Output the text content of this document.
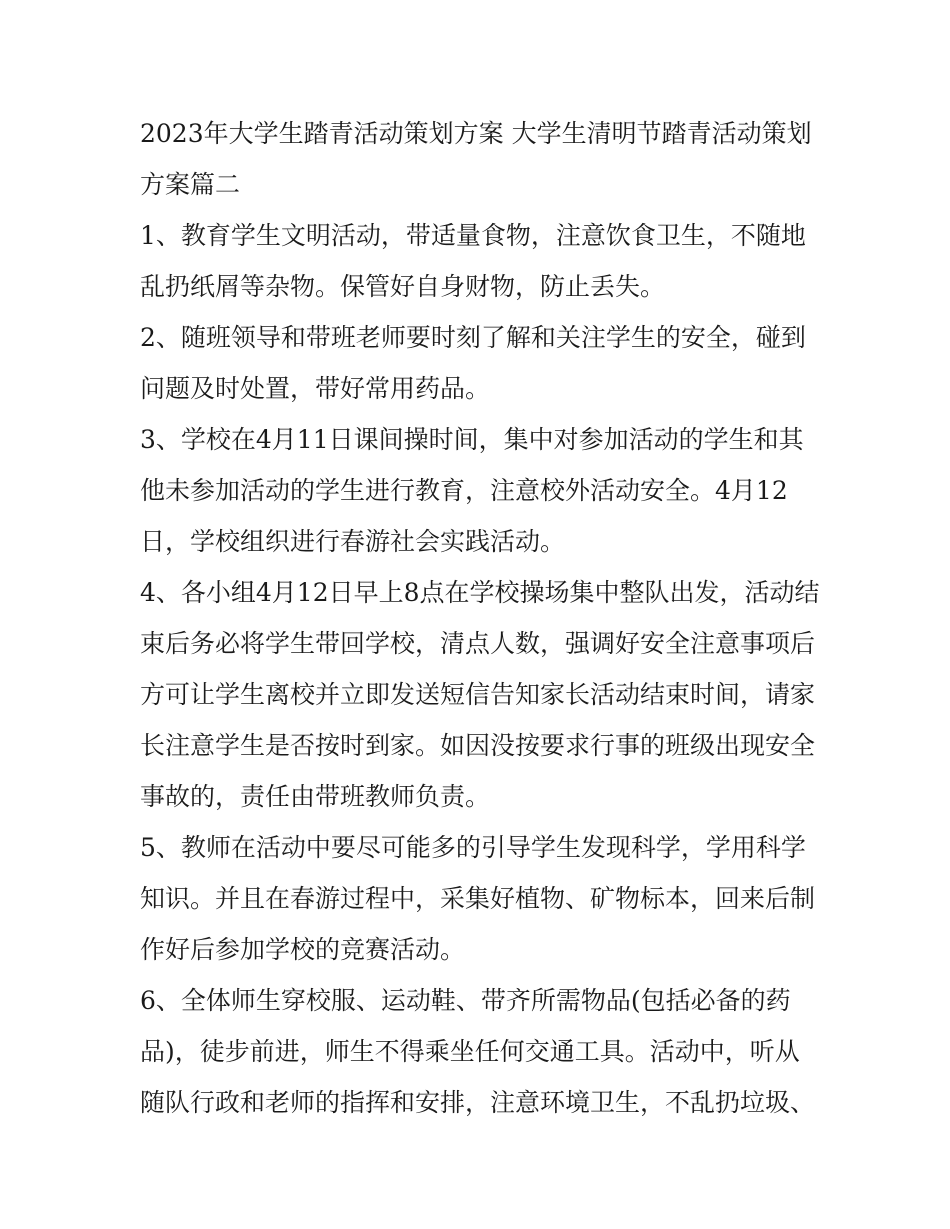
2023年大学生踏青活动策划方案 大学生清明节踏青活动策划方案篇二

1、教育学生文明活动，带适量食物，注意饮食卫生，不随地乱扔纸屑等杂物。保管好自身财物，防止丢失。

2、随班领导和带班老师要时刻了解和关注学生的安全，碰到问题及时处置，带好常用药品。

3、学校在4月11日课间操时间，集中对参加活动的学生和其他未参加活动的学生进行教育，注意校外活动安全。4月12日，学校组织进行春游社会实践活动。

4、各小组4月12日早上8点在学校操场集中整队出发，活动结束后务必将学生带回学校，清点人数，强调好安全注意事项后方可让学生离校并立即发送短信告知家长活动结束时间，请家长注意学生是否按时到家。如因没按要求行事的班级出现安全事故的，责任由带班教师负责。

5、教师在活动中要尽可能多的引导学生发现科学，学用科学知识。并且在春游过程中，采集好植物、矿物标本，回来后制作好后参加学校的竞赛活动。

6、全体师生穿校服、运动鞋、带齐所需物品(包括必备的药品)，徒步前进，师生不得乘坐任何交通工具。活动中，听从随队行政和老师的指挥和安排，注意环境卫生，不乱扔垃圾、
